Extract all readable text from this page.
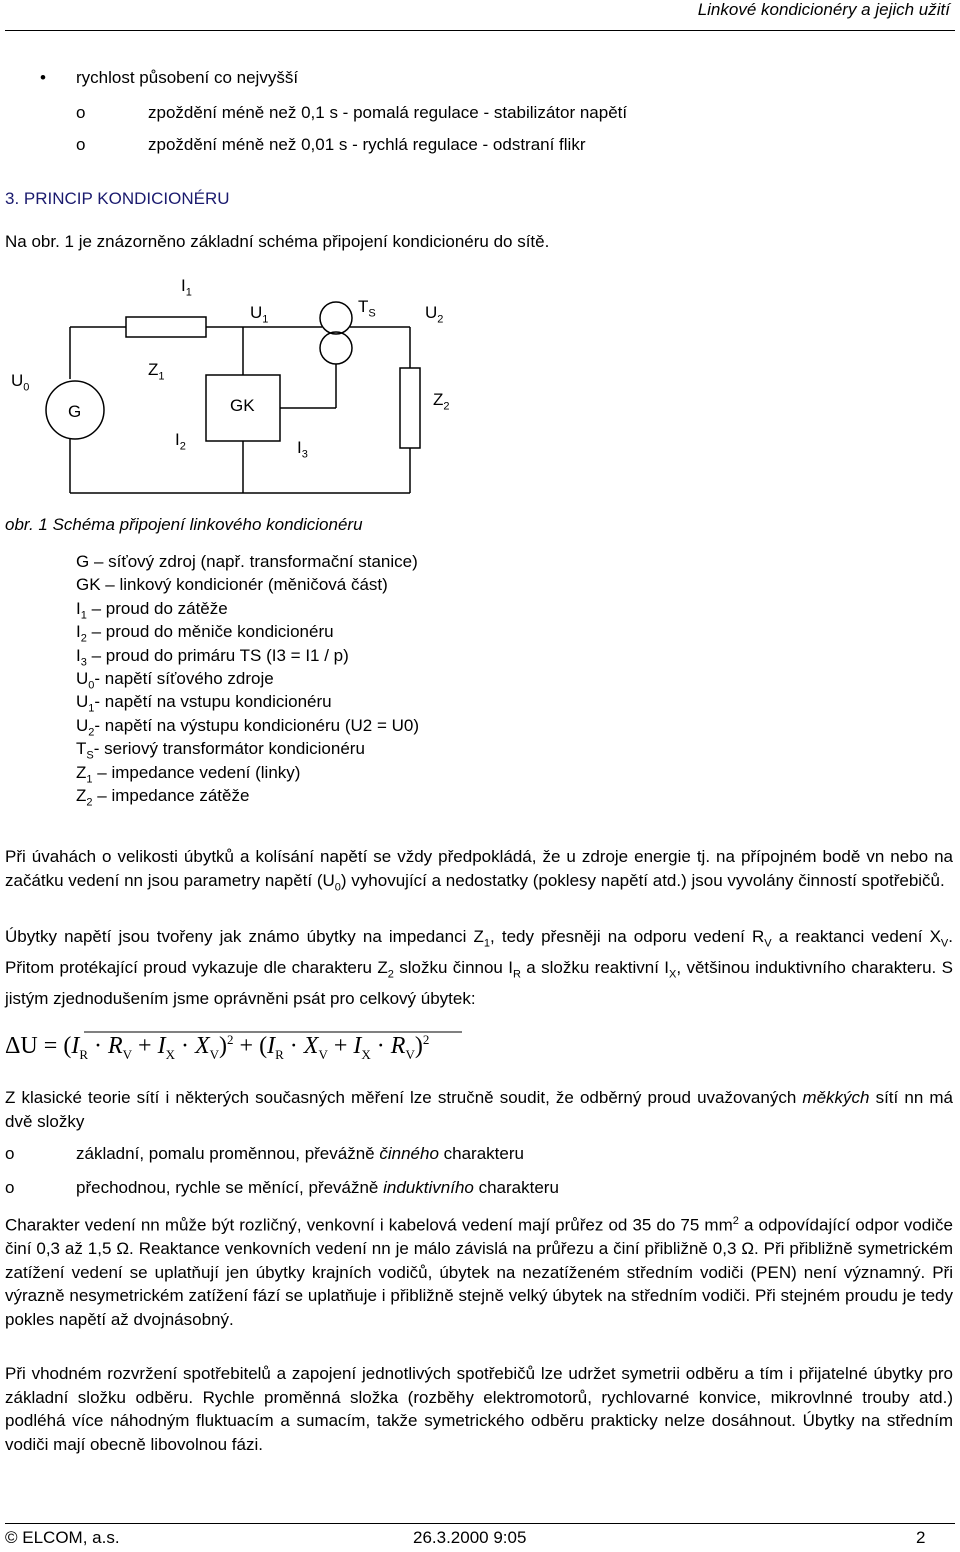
Linkové kondicionéry a jejich užití
• rychlost působení co nejvyšší
o	zpoždění méně než 0,1 s - pomalá regulace - stabilizátor napětí
o	zpoždění méně než 0,01 s - rychlá regulace - odstraní flikr
3. PRINCIP KONDICIONÉRU
Na obr. 1 je znázorněno základní schéma připojení kondicionéru do sítě.
$I_1$
$U_1$
$T_S$	$U_2$
$U_0$
$Z_1$
G	GK	$Z_2$
$I_2$	$I_3$
obr. 1 Schéma připojení linkového kondicionéru
G – síťový zdroj (např. transformační stanice)
GK – linkový kondicionér (měničová část)
$I_1$ – proud do zátěže
$I_2$ – proud do měniče kondicionéru
$I_3$ – proud do primáru TS (I3 = I1 / p)
$U_0-$ napětí síťového zdroje
$U_1-$ napětí na vstupu kondicionéru
$U_2-$ napětí na výstupu kondicionéru (U2 = U0)
$T_S-$ seriový transformátor kondicionéru
$Z_1$ – impedance vedení (linky)
$Z_2$ – impedance zátěže
Při úvahách o velikosti úbytků a kolísání napětí se vždy předpokládá, že u zdroje energie tj. na přípojném bodě vn nebo na začátku vedení nn jsou parametry napětí $(U_0)$ vyhovující a nedostatky (poklesy napětí atd.) jsou vyvolány činností spotřebičů.
Úbytky napětí jsou tvořeny jak známo úbytky na impedanci $Z_1$, tedy přesněji na odporu vedení $R_V$ a reaktanci vedení $X_V$. Přitom protékající proud vykazuje dle charakteru $Z_2$ složku činnou $I_R$ a složku reaktivní $I_X$, většinou induktivního charakteru. S jistým zjednodušením jsme oprávněni psát pro celkový úbytek:
$\Delta U = (I_R \cdot R_V + I_X \cdot X_V)^2 + (I_R \cdot X_V + I_X \cdot R_V)^2$
Z klasické teorie sítí i některých současných měření lze stručně soudit, že odběrný proud uvažovaných měkkých sítí nn má dvě složky
o	základní, pomalu proměnnou, převážně činného charakteru
o	přechodnou, rychle se měnící, převážně induktivního charakteru
Charakter vedení nn může být rozličný, venkovní i kabelová vedení mají průřez od 35 do 75 $mm^2$ a odpovídající odpor vodiče činí 0,3 až 1,5 Ω. Reaktance venkovních vedení nn je málo závislá na průřezu a činí přibližně 0,3 Ω. Při přibližně symetrickém zatížení vedení se uplatňují jen úbytky krajních vodičů, úbytek na nezatíženém středním vodiči (PEN) není významný. Při výrazně nesymetrickém zatížení fází se uplatňuje i přibližně stejně velký úbytek na středním vodiči. Při stejném proudu je tedy pokles napětí až dvojnásobný.
Při vhodném rozvržení spotřebitelů a zapojení jednotlivých spotřebičů lze udržet symetrii odběru a tím i přijatelné úbytky pro základní složku odběru. Rychle proměnná složka (rozběhy elektromotorů, rychlovarné konvice, mikrovlnné trouby atd.) podléhá více náhodným fluktuacím a sumacím, takže symetrického odběru prakticky nelze dosáhnout. Úbytky na středním vodiči mají obecně libovolnou fázi.
© ELCOM, a.s.	26.3.2000 9:05	2
